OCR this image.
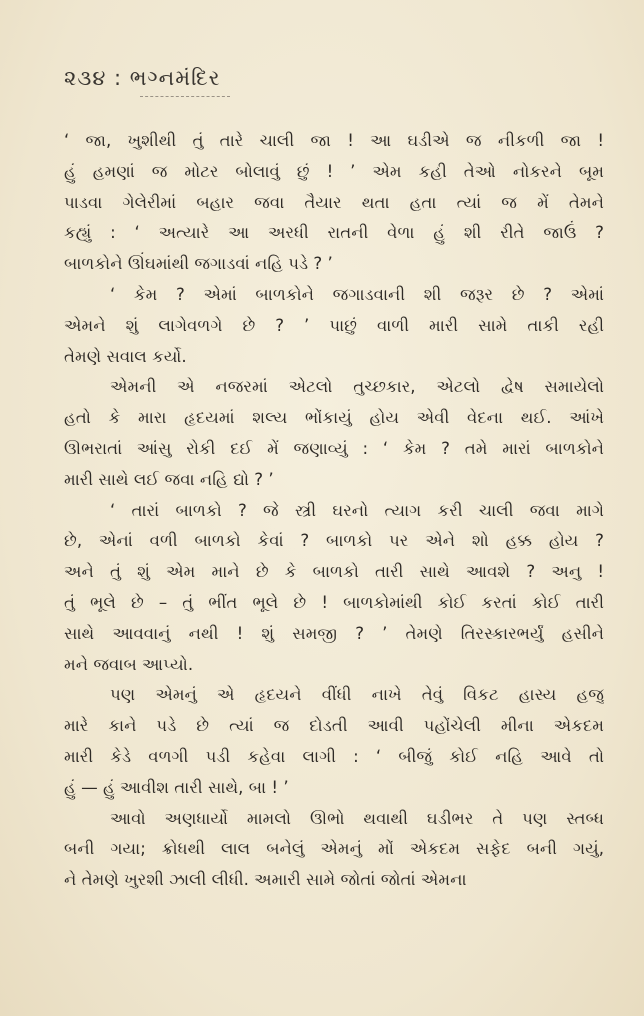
૨૩૪ : ભગ્નમંદિર
‘ જા, ખુશીથી તું તારે ચાલી જા ! આ ઘડીએ જ નીકળી જા !
હું હમણાં જ મોટર બોલાવું છું ! ’ એમ કહી તેઓ નોકરને બૂમ
પાડવા ગેલેરીમાં બહાર જવા તૈયાર થતા હતા ત્યાં જ મેં તેમને
કહ્યું : ‘ અત્યારે આ અરધી રાતની વેળા હું શી રીતે જાઉં ?
બાળકોને ઊંઘમાંથી જગાડવાં નહિ પડે ? ’
‘ કેમ ? એમાં બાળકોને જગાડવાની શી જરૂર છે ? એમાં
એમને શું લાગેવળગે છે ? ’ પાછું વાળી મારી સામે તાકી રહી
તેમણે સવાલ કર્યો.
એમની એ નજરમાં એટલો તુચ્છકાર, એટલો દ્વેષ સમાયેલો
હતો કે મારા હૃદયમાં શલ્ય ભોંકાયું હોય એવી વેદના થઈ. આંખે
ઊભરાતાં આંસુ રોકી દઈ મેં જણાવ્યું : ‘ કેમ ? તમે મારાં બાળકોને
મારી સાથે લઈ જવા નહિ દ્યો ? ’
‘ તારાં બાળકો ? જે સ્ત્રી ઘરનો ત્યાગ કરી ચાલી જવા માગે
છે, એનાં વળી બાળકો કેવાં ? બાળકો પર એને શો હક્ક હોય ?
અને તું શું એમ માને છે કે બાળકો તારી સાથે આવશે ? અનુ !
તું ભૂલે છે – તું ભીંત ભૂલે છે ! બાળકોમાંથી કોઈ કરતાં કોઈ તારી
સાથે આવવાનું નથી ! શું સમજી ? ’ તેમણે તિરસ્કારભર્યું હસીને
મને જવાબ આપ્યો.
પણ એમનું એ હૃદયને વીંધી નાખે તેવું વિકટ હાસ્ય હજુ
મારે કાને પડે છે ત્યાં જ દોડતી આવી પહોંચેલી મીના એકદમ
મારી કેડે વળગી પડી કહેવા લાગી : ‘ બીજું કોઈ નહિ આવે તો
હું — હું આવીશ તારી સાથે, બા ! ’
આવો અણધાર્યો મામલો ઊભો થવાથી ઘડીભર તે પણ સ્તબ્ધ
બની ગયા; ક્રોધથી લાલ બનેલું એમનું મોં એકદમ સફેદ બની ગયું,
ને તેમણે ખુરશી ઝાલી લીધી. અમારી સામે જોતાં જોતાં એમના
